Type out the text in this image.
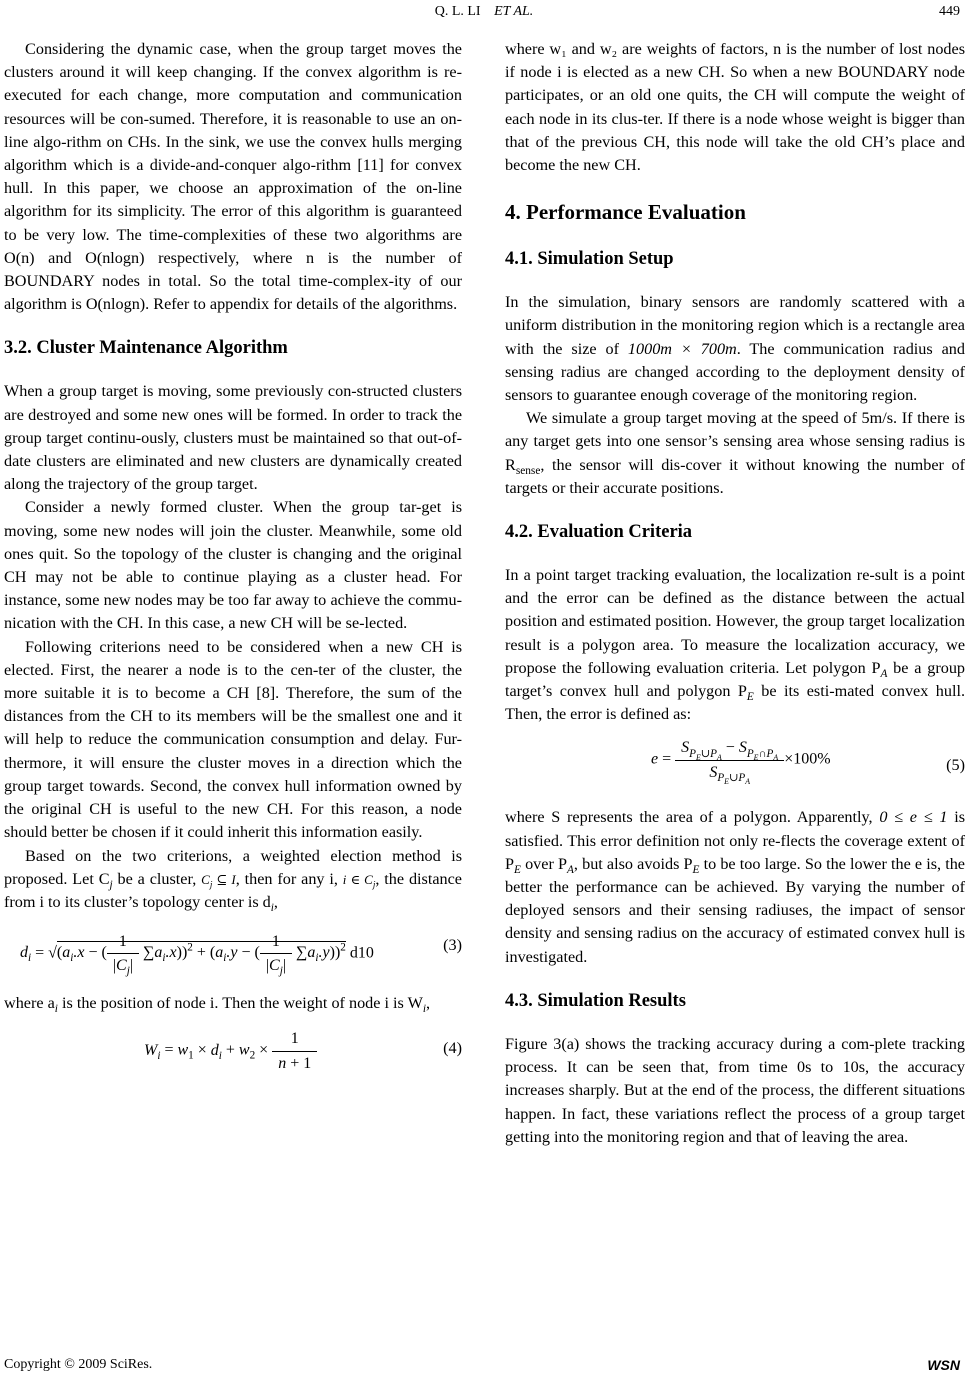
Q. L. LI ET AL.	449

Considering the dynamic case, when the group target moves the clusters around it will keep changing. If the convex algorithm is re-executed for each change, more computation and communication resources will be con-sumed. Therefore, it is reasonable to use an on-line algo-rithm on CHs. In the sink, we use the convex hulls merging algorithm which is a divide-and-conquer algo-rithm [11] for convex hull. In this paper, we choose an approximation of the on-line algorithm for its simplicity. The error of this algorithm is guaranteed to be very low. The time-complexities of these two algorithms are O(n) and O(nlogn) respectively, where n is the number of BOUNDARY nodes in total. So the total time-complex-ity of our algorithm is O(nlogn). Refer to appendix for details of the algorithms.

3.2. Cluster Maintenance Algorithm

When a group target is moving, some previously con-structed clusters are destroyed and some new ones will be formed. In order to track the group target continu-ously, clusters must be maintained so that out-of-date clusters are eliminated and new clusters are dynamically created along the trajectory of the group target.

Consider a newly formed cluster. When the group tar-get is moving, some new nodes will join the cluster. Meanwhile, some old ones quit. So the topology of the cluster is changing and the original CH may not be able to continue playing as a cluster head. For instance, some new nodes may be too far away to achieve the commu-nication with the CH. In this case, a new CH will be se-lected.

Following criterions need to be considered when a new CH is elected. First, the nearer a node is to the cen-ter of the cluster, the more suitable it is to become a CH [8]. Therefore, the sum of the distances from the CH to its members will be the smallest one and it will help to reduce the communication consumption and delay. Fur-thermore, it will ensure the cluster moves in a direction which the group target towards. Second, the convex hull information owned by the original CH is useful to the new CH. For this reason, a node should better be chosen if it could inherit this information easily.

Based on the two criterions, a weighted election method is proposed. Let $C_j$ be a cluster, $C_j$ ⊆ I, then for any i, i ∈ $C_j$, the distance from i to its cluster’s topology center is $d_i$,

$d_i = √(a_i.x$ − ( $\frac{1}{|C_j|} \sum a_i.x))^2 + (a_i.y$ − ( $\frac{1}{|C_j|} \sum a_i.y))^2$ d10	(3)

where $a_i$ is the position of node i. Then the weight of node i is $W_i$,

$W_i = w_1 \times d_i + w_2 \times \frac{1}{n + 1}$	(4)

where w₁ and w₂ are weights of factors, n is the number of lost nodes if node i is elected as a new CH. So when a new BOUNDARY node participates, or an old one quits, the CH will compute the weight of each node in its clus-ter. If there is a node whose weight is bigger than that of the previous CH, this node will take the old CH’s place and become the new CH.

4. Performance Evaluation
4.1. Simulation Setup

In the simulation, binary sensors are randomly scattered with a uniform distribution in the monitoring region which is a rectangle area with the size of 1000m × 700m. The communication radius and sensing radius are changed according to the deployment density of sensors to guarantee enough coverage of the monitoring region.

We simulate a group target moving at the speed of 5m/s. If there is any target gets into one sensor’s sensing area whose sensing radius is $R_{sense}$, the sensor will dis-cover it without knowing the number of targets or their accurate positions.

4.2. Evaluation Criteria

In a point target tracking evaluation, the localization re-sult is a point and the error can be defined as the distance between the actual position and estimated position. However, the group target localization result is a polygon area. To measure the localization accuracy, we propose the following evaluation criteria. Let polygon $P_A$ be a group target’s convex hull and polygon $P_E$ be its esti-mated convex hull. Then, the error is defined as:

$e = \frac{S_{P_E\cup P_A} - S_{P_E\cap P_A}}{S_{P_E\cup P_A}} \times 100\%$	(5)

where S represents the area of a polygon. Apparently, 0 ≤ e ≤ 1 is satisfied. This error definition not only re-flects the coverage extent of $P_E$ over $P_A$, but also avoids $P_E$ to be too large. So the lower the e is, the better the performance can be achieved. By varying the number of deployed sensors and their sensing radiuses, the impact of sensor density and sensing radius on the accuracy of estimated convex hull is investigated.

4.3. Simulation Results

Figure 3(a) shows the tracking accuracy during a com-plete tracking process. It can be seen that, from time 0s to 10s, the accuracy increases sharply. But at the end of the process, the different situations happen. In fact, these variations reflect the process of a group target getting into the monitoring region and that of leaving the area.

Copyright © 2009 SciRes.	WSN
